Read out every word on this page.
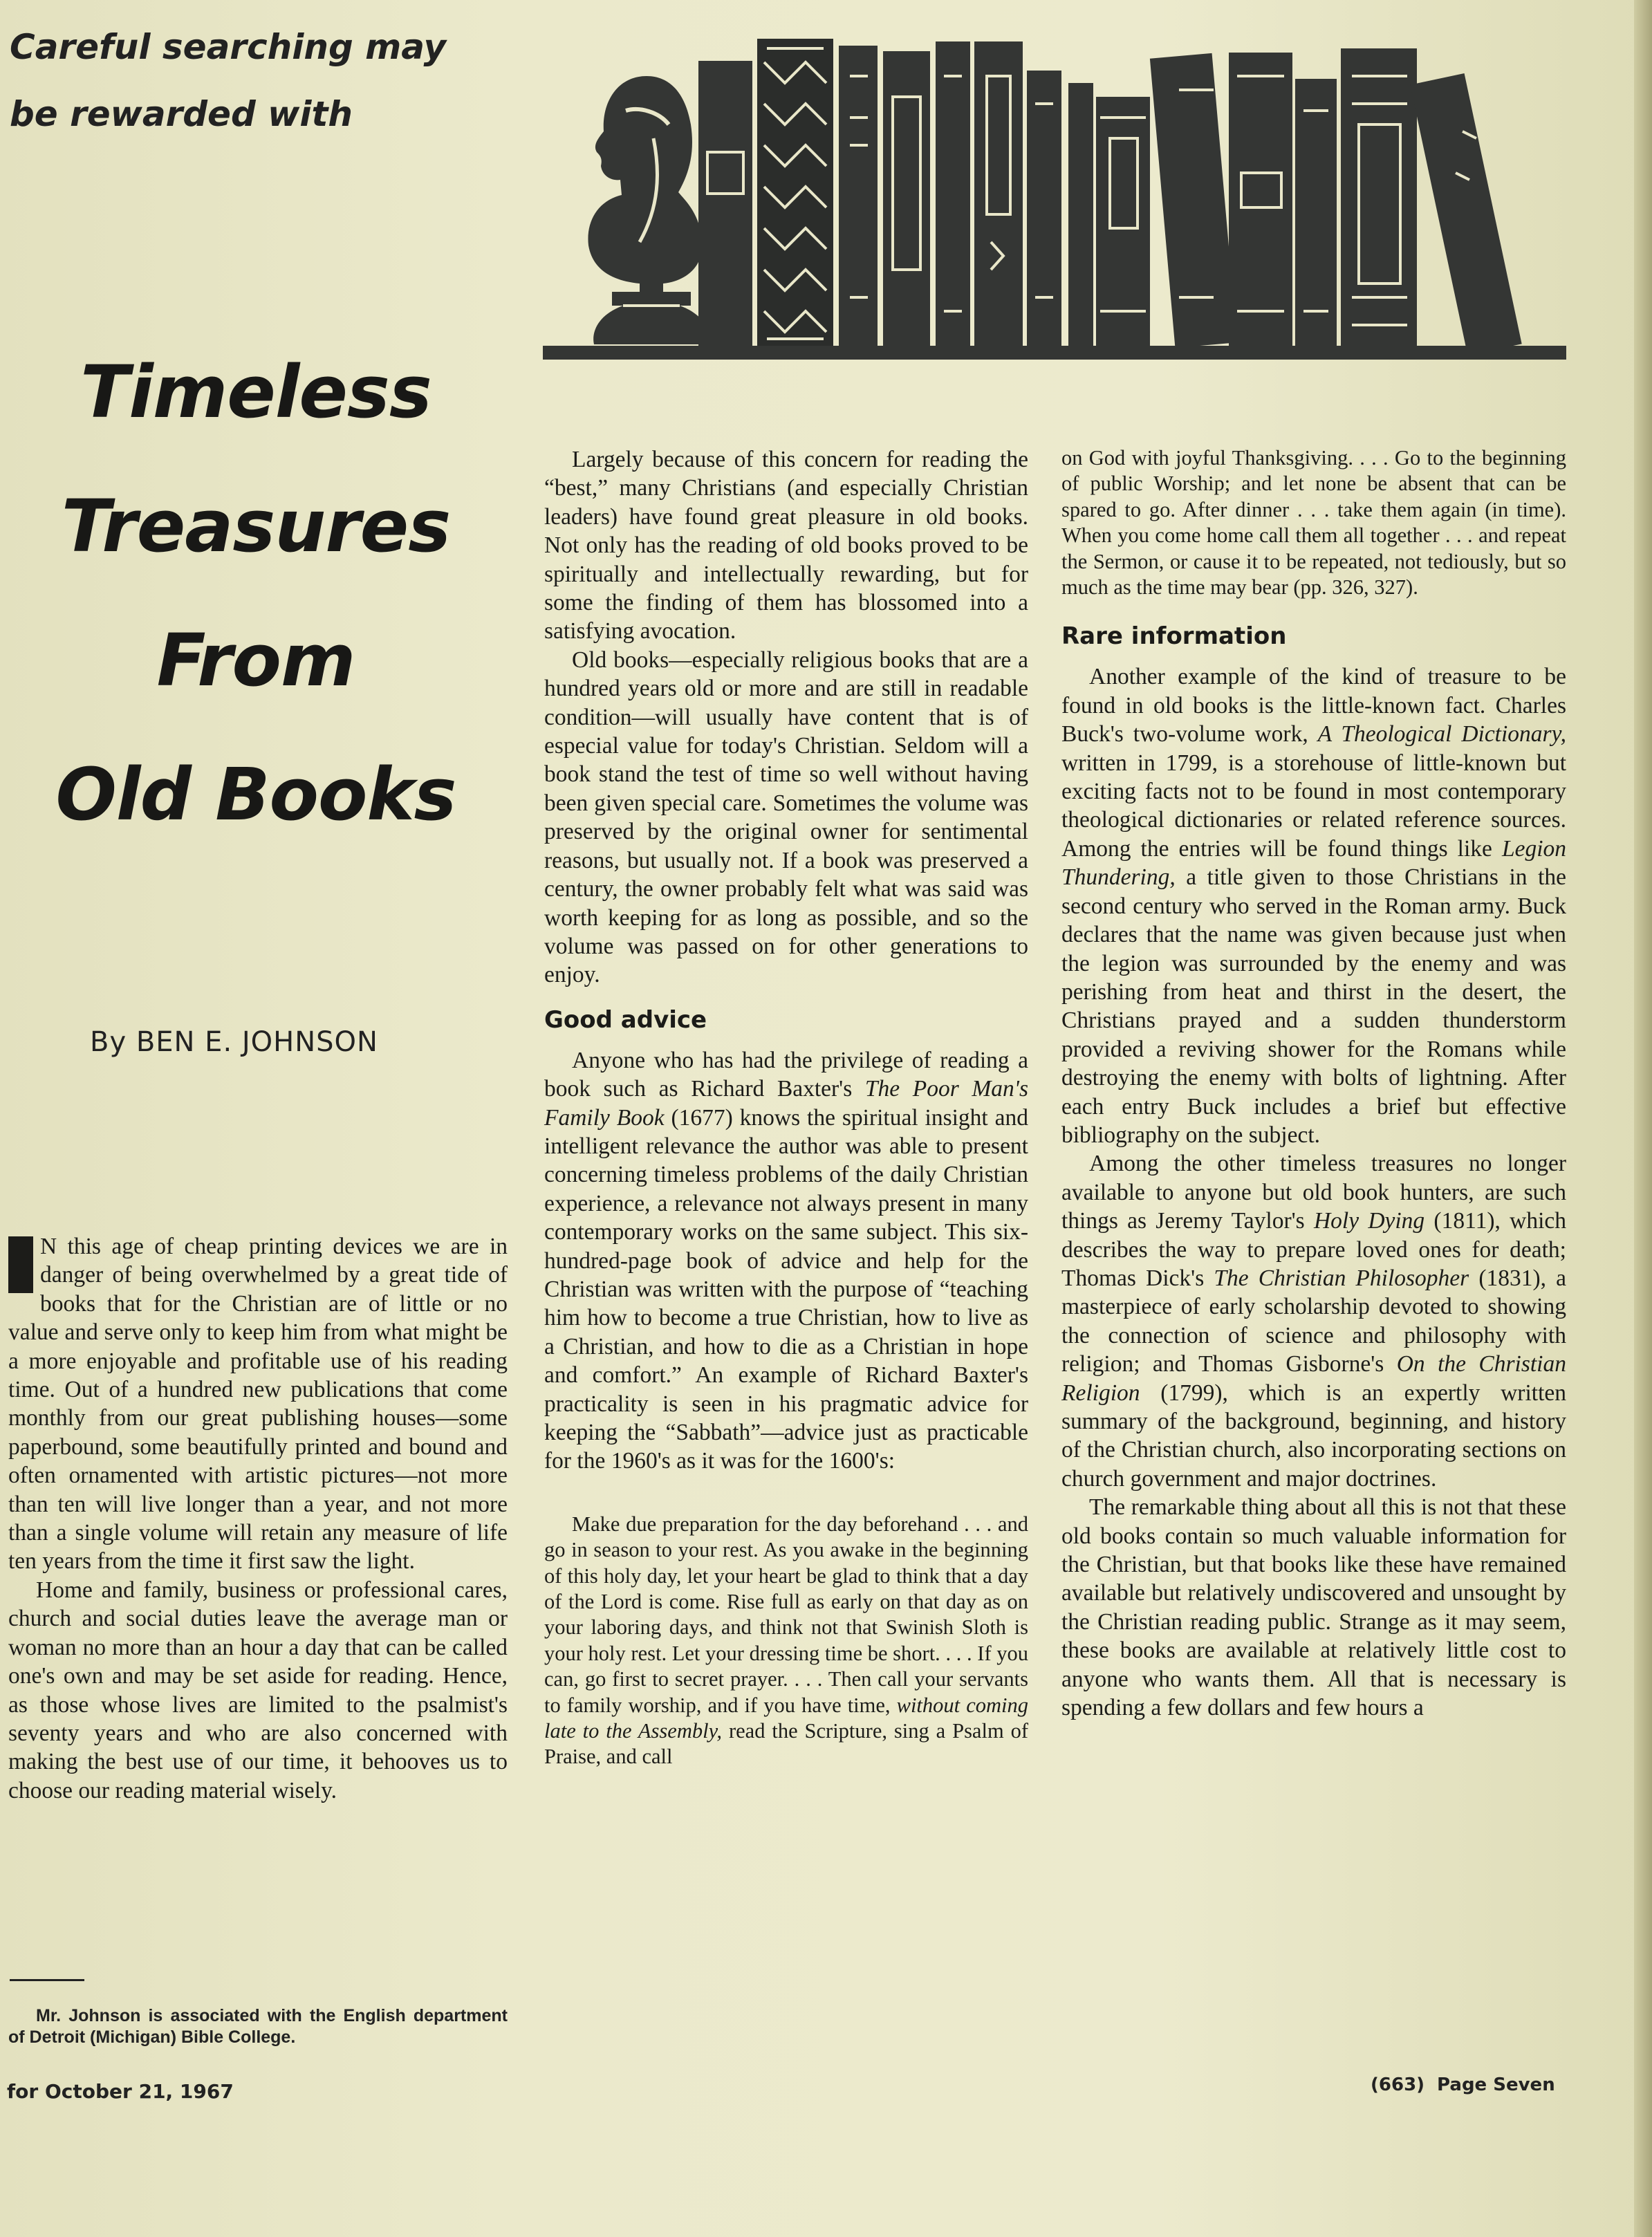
Careful searching may
be rewarded with
Timeless
Treasures
From
Old Books
By BEN E. JOHNSON

N this age of cheap printing devices we are in danger of being overwhelmed by a great tide of books that for the Christian are of little or no value and serve only to keep him from what might be a more enjoyable and profitable use of his reading time. Out of a hundred new publications that come monthly from our great publishing houses—some paperbound, some beautifully printed and bound and often ornamented with artistic pictures—not more than ten will live longer than a year, and not more than a single volume will retain any measure of life ten years from the time it first saw the light.

Home and family, business or professional cares, church and social duties leave the average man or woman no more than an hour a day that can be called one's own and may be set aside for reading. Hence, as those whose lives are limited to the psalmist's seventy years and who are also concerned with making the best use of our time, it behooves us to choose our reading material wisely.

Mr. Johnson is associated with the English department of Detroit (Michigan) Bible College.

Largely because of this concern for reading the “best,” many Christians (and especially Christian leaders) have found great pleasure in old books. Not only has the reading of old books proved to be spiritually and intellectually rewarding, but for some the finding of them has blossomed into a satisfying avocation.

Old books—especially religious books that are a hundred years old or more and are still in readable condition—will usually have content that is of especial value for today's Christian. Seldom will a book stand the test of time so well without having been given special care. Sometimes the volume was preserved by the original owner for sentimental reasons, but usually not. If a book was preserved a century, the owner probably felt what was said was worth keeping for as long as possible, and so the volume was passed on for other generations to enjoy.

Good advice

Anyone who has had the privilege of reading a book such as Richard Baxter's The Poor Man's Family Book (1677) knows the spiritual insight and intelligent relevance the author was able to present concerning timeless problems of the daily Christian experience, a relevance not always present in many contemporary works on the same subject. This six-hundred-page book of advice and help for the Christian was written with the purpose of “teaching him how to become a true Christian, how to live as a Christian, and how to die as a Christian in hope and comfort.” An example of Richard Baxter's practicality is seen in his pragmatic advice for keeping the “Sabbath”—advice just as practicable for the 1960's as it was for the 1600's:

Make due preparation for the day beforehand . . . and go in season to your rest. As you awake in the beginning of this holy day, let your heart be glad to think that a day of the Lord is come. Rise full as early on that day as on your laboring days, and think not that Swinish Sloth is your holy rest. Let your dressing time be short. . . . If you can, go first to secret prayer. . . . Then call your servants to family worship, and if you have time, without coming late to the Assembly, read the Scripture, sing a Psalm of Praise, and call

on God with joyful Thanksgiving. . . . Go to the beginning of public Worship; and let none be absent that can be spared to go. After dinner . . . take them again (in time). When you come home call them all together . . . and repeat the Sermon, or cause it to be repeated, not tediously, but so much as the time may bear (pp. 326, 327).

Rare information

Another example of the kind of treasure to be found in old books is the little-known fact. Charles Buck's two-volume work, A Theological Dictionary, written in 1799, is a storehouse of little-known but exciting facts not to be found in most contemporary theological dictionaries or related reference sources. Among the entries will be found things like Legion Thundering, a title given to those Christians in the second century who served in the Roman army. Buck declares that the name was given because just when the legion was surrounded by the enemy and was perishing from heat and thirst in the desert, the Christians prayed and a sudden thunderstorm provided a reviving shower for the Romans while destroying the enemy with bolts of lightning. After each entry Buck includes a brief but effective bibliography on the subject.

Among the other timeless treasures no longer available to anyone but old book hunters, are such things as Jeremy Taylor's Holy Dying (1811), which describes the way to prepare loved ones for death; Thomas Dick's The Christian Philosopher (1831), a masterpiece of early scholarship devoted to showing the connection of science and philosophy with religion; and Thomas Gisborne's On the Christian Religion (1799), which is an expertly written summary of the background, beginning, and history of the Christian church, also incorporating sections on church government and major doctrines.

The remarkable thing about all this is not that these old books contain so much valuable information for the Christian, but that books like these have remained available but relatively undiscovered and unsought by the Christian reading public. Strange as it may seem, these books are available at relatively little cost to anyone who wants them. All that is necessary is spending a few dollars and few hours a

for October 21, 1967	(663) Page Seven
